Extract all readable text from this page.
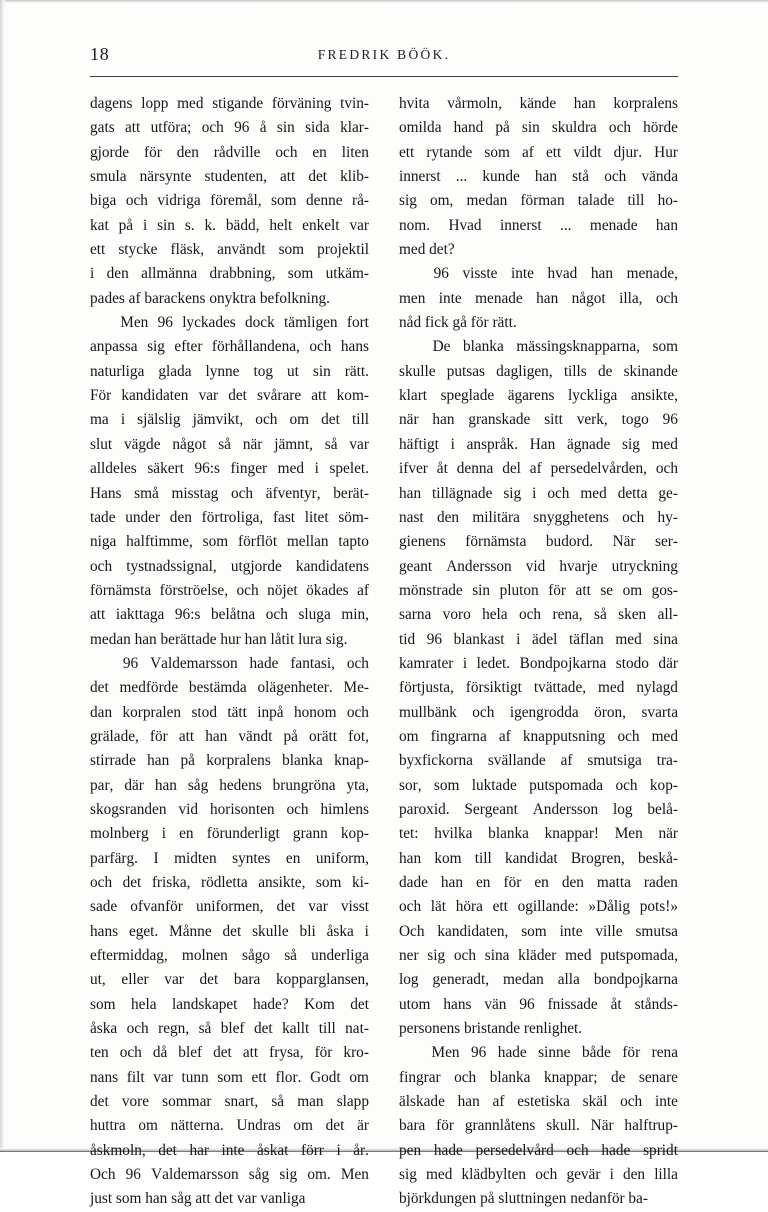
18	FREDRIK BÖÖK.

dagens lopp med stigande förväning tvin-
gats att utföra; och 96 å sin sida klar-
gjorde för den rådville och en liten
smula närsynte studenten, att det klib-
biga och vidriga föremål, som denne rå-
kat på i sin s. k. bädd, helt enkelt var
ett stycke fläsk, användt som projektil
i den allmänna drabbning, som utkäm-
pades af barackens onyktra befolkning.

Men 96 lyckades dock tämligen fort
anpassa sig efter förhållandena, och hans
naturliga glada lynne tog ut sin rätt.
För kandidaten var det svårare att kom-
ma i själslig jämvikt, och om det till
slut vägde något så när jämnt, så var
alldeles säkert 96:s finger med i spelet.
Hans små misstag och äfventyr, berät-
tade under den förtroliga, fast litet söm-
niga halftimme, som förflöt mellan tapto
och tystnadssignal, utgjorde kandidatens
förnämsta förströelse, och nöjet ökades af
att iakttaga 96:s belåtna och sluga min,
medan han berättade hur han låtit lura sig.

96 Valdemarsson hade fantasi, och
det medförde bestämda olägenheter. Me-
dan korpralen stod tätt inpå honom och
grälade, för att han vändt på orätt fot,
stirrade han på korpralens blanka knap-
par, där han såg hedens brungröna yta,
skogsranden vid horisonten och himlens
molnberg i en förunderligt grann kop-
parfärg. I midten syntes en uniform,
och det friska, rödletta ansikte, som ki-
sade ofvanför uniformen, det var visst
hans eget. Månne det skulle bli åska i
eftermiddag, molnen sågo så underliga
ut, eller var det bara kopparglansen,
som hela landskapet hade? Kom det
åska och regn, så blef det kallt till nat-
ten och då blef det att frysa, för kro-
nans filt var tunn som ett flor. Godt om
det vore sommar snart, så man slapp
huttra om nätterna. Undras om det är
åskmoln, det har inte åskat förr i år.
Och 96 Valdemarsson såg sig om. Men
just som han såg att det var vanliga

hvita vårmoln, kände han korpralens
omilda hand på sin skuldra och hörde
ett rytande som af ett vildt djur. Hur
innerst ... kunde han stå och vända
sig om, medan förman talade till ho-
nom. Hvad innerst ... menade han
med det?

96 visste inte hvad han menade,
men inte menade han något illa, och
nåd fick gå för rätt.

De blanka mässingsknapparna, som
skulle putsas dagligen, tills de skinande
klart speglade ägarens lyckliga ansikte,
när han granskade sitt verk, togo 96
häftigt i anspråk. Han ägnade sig med
ifver åt denna del af persedelvården, och
han tillägnade sig i och med detta ge-
nast den militära snygghetens och hy-
gienens förnämsta budord. När ser-
geant Andersson vid hvarje utryckning
mönstrade sin pluton för att se om gos-
sarna voro hela och rena, så sken all-
tid 96 blankast i ädel täflan med sina
kamrater i ledet. Bondpojkarna stodo där
förtjusta, försiktigt tvättade, med nylagd
mullbänk och igengrodda öron, svarta
om fingrarna af knapputsning och med
byxfickorna svällande af smutsiga tra-
sor, som luktade putspomada och kop-
paroxid. Sergeant Andersson log belå-
tet: hvilka blanka knappar! Men när
han kom till kandidat Brogren, beskå-
dade han en för en den matta raden
och lät höra ett ogillande: »Dålig pots!»
Och kandidaten, som inte ville smutsa
ner sig och sina kläder med putspomada,
log generadt, medan alla bondpojkarna
utom hans vän 96 fnissade åt stånds-
personens bristande renlighet.

Men 96 hade sinne både för rena
fingrar och blanka knappar; de senare
älskade han af estetiska skäl och inte
bara för grannlåtens skull. När halftrup-
pen hade persedelvård och hade spridt
sig med klädbylten och gevär i den lilla
björkdungen på sluttningen nedanför ba-
